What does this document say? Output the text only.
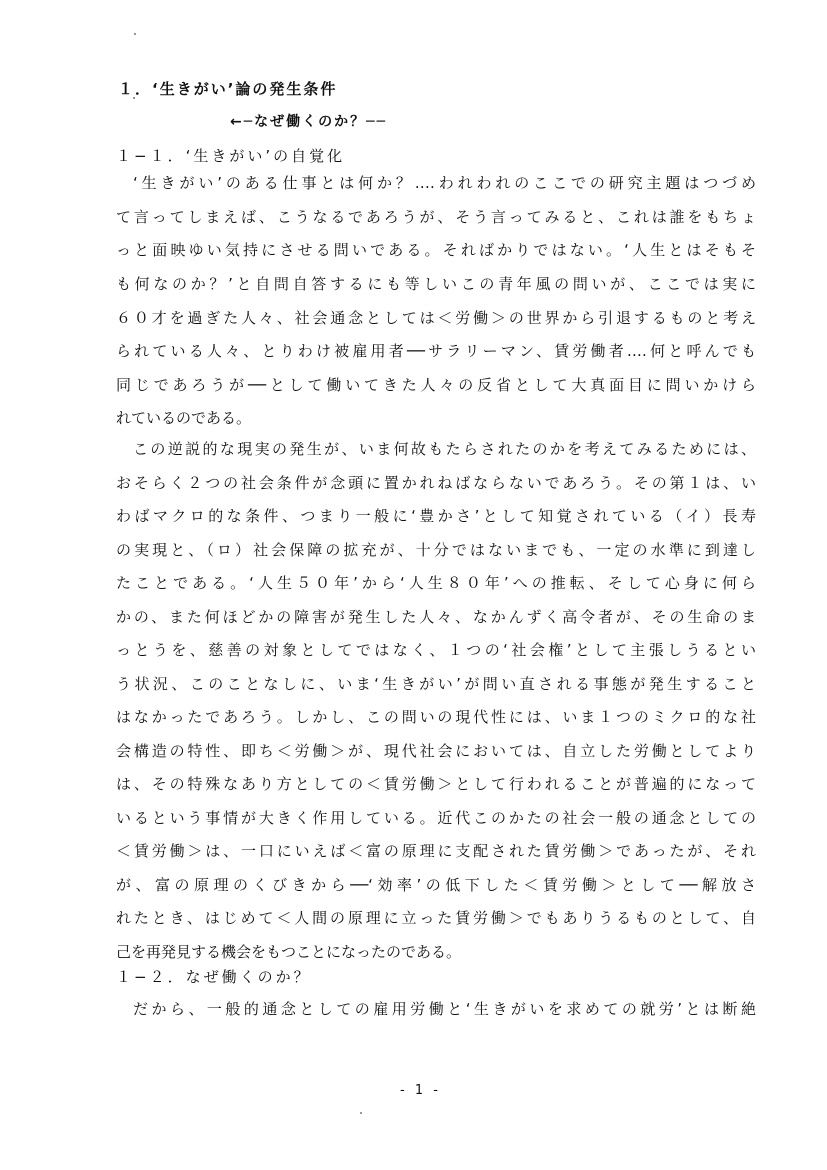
１．‘生きがい’論の発生条件
←─なぜ働くのか？──
１−１．‘生きがい’の自覚化
‘生きがい’のある仕事とは何か？‥‥われわれのここでの研究主題はつづめ
て言ってしまえば、こうなるであろうが、そう言ってみると、これは誰をもちょ
っと面映ゆい気持にさせる問いである。そればかりではない。‘人生とはそもそ
も何なのか？’と自問自答するにも等しいこの青年風の問いが、ここでは実に
６０才を過ぎた人々、社会通念としては＜労働＞の世界から引退するものと考え
られている人々、とりわけ被雇用者──サラリーマン、賃労働者‥‥何と呼んでも
同じであろうが──として働いてきた人々の反省として大真面目に問いかけら
れているのである。
この逆説的な現実の発生が、いま何故もたらされたのかを考えてみるためには、
おそらく２つの社会条件が念頭に置かれねばならないであろう。その第１は、い
わばマクロ的な条件、つまり一般に‘豊かさ’として知覚されている（イ）長寿
の実現と、（ロ）社会保障の拡充が、十分ではないまでも、一定の水準に到達し
たことである。‘人生５０年’から‘人生８０年’への推転、そして心身に何ら
かの、また何ほどかの障害が発生した人々、なかんずく高令者が、その生命のま
っとうを、慈善の対象としてではなく、１つの‘社会権’として主張しうるとい
う状況、このことなしに、いま‘生きがい’が問い直される事態が発生すること
はなかったであろう。しかし、この問いの現代性には、いま１つのミクロ的な社
会構造の特性、即ち＜労働＞が、現代社会においては、自立した労働としてより
は、その特殊なあり方としての＜賃労働＞として行われることが普遍的になって
いるという事情が大きく作用している。近代このかたの社会一般の通念としての
＜賃労働＞は、一口にいえば＜富の原理に支配された賃労働＞であったが、それ
が、富の原理のくびきから──‘効率’の低下した＜賃労働＞として──解放さ
れたとき、はじめて＜人間の原理に立った賃労働＞でもありうるものとして、自
己を再発見する機会をもつことになったのである。
１−２．なぜ働くのか？
だから、一般的通念としての雇用労働と‘生きがいを求めての就労’とは断絶
- 1 -
